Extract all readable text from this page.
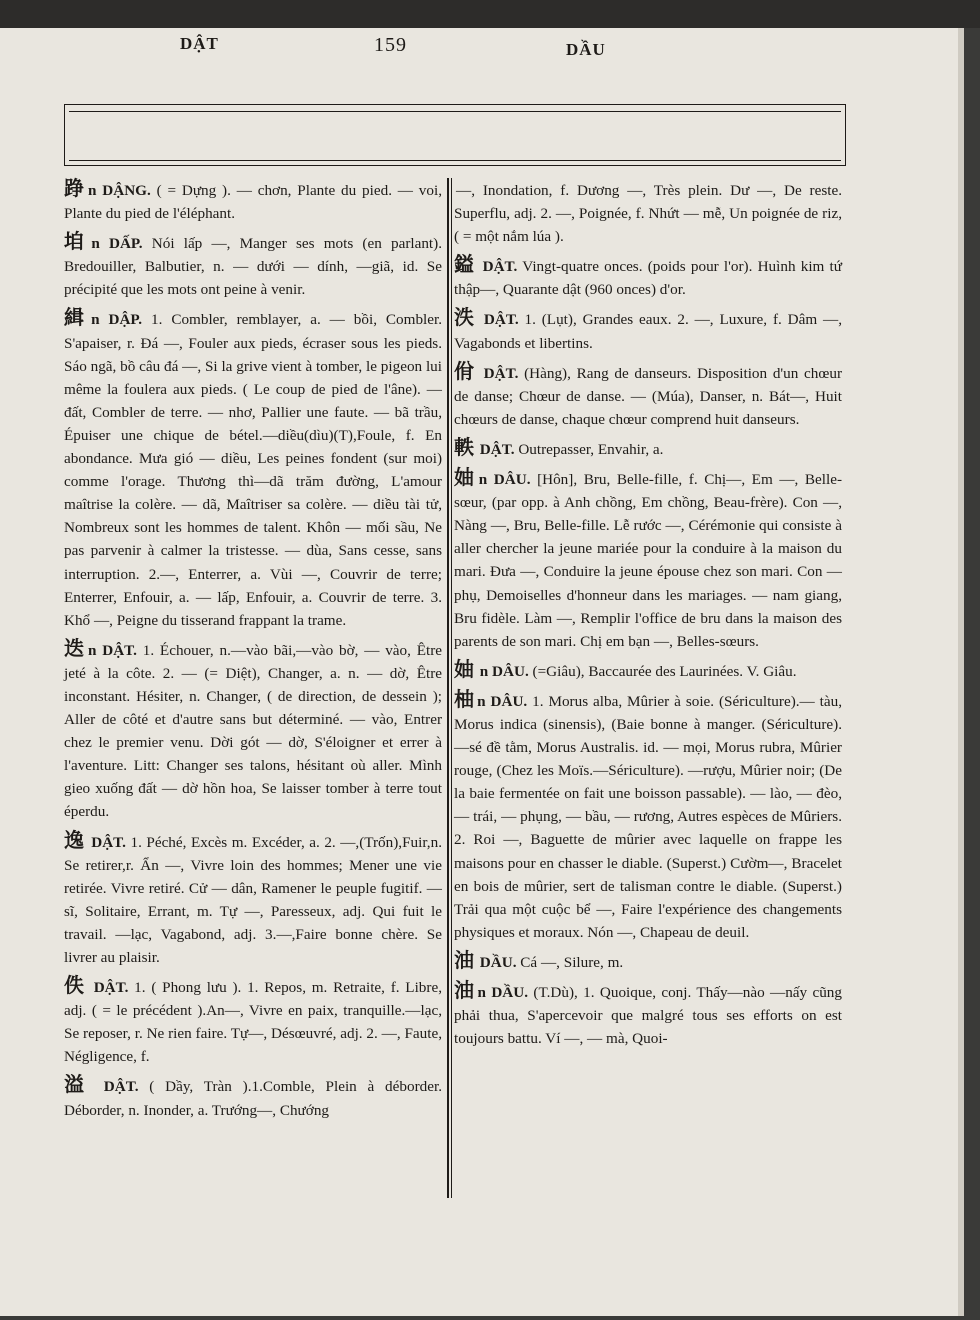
DẬT	159	DẦU
踭 n DẬNG. ( = Dựng ). — chơn, Plante du pied. — voi, Plante du pied de l'éléphant.
垍 n DẤP. Nói lấp —, Manger ses mots (en parlant). Bredouiller, Balbutier, n. — dưới — dính, —giã, id. Se précipité que les mots ont peine à venir.
緝 n DẬP. 1. Combler, remblayer, a. — bồi, Combler. S'apaiser, r. Đá —, Fouler aux pieds, écraser sous les pieds. Sáo ngã, bồ câu đá —, Si la grive vient à tomber, le pigeon lui même la foulera aux pieds. ( Le coup de pied de l'âne). — đất, Combler de terre. — nhơ, Pallier une faute. — bã trầu, Épuiser une chique de bétel.—diều(dìu)(T),Foule, f. En abondance. Mưa gió — diều, Les peines fondent (sur moi) comme l'orage. Thương thì—dã trăm đường, L'amour maîtrise la colère. — dã, Maîtriser sa colère. — diều tài tử, Nombreux sont les hommes de talent. Khôn — mối sầu, Ne pas parvenir à calmer la tristesse. — dùa, Sans cesse, sans interruption. 2.—, Enterrer, a. Vùi —, Couvrir de terre; Enterrer, Enfouir, a. — lấp, Enfouir, a. Couvrir de terre. 3. Khổ —, Peigne du tisserand frappant la trame.
迭 n DẬT. 1. Échouer, n.—vào bãi,—vào bờ, — vào, Être jeté à la côte. 2. — (= Diệt), Changer, a. n. — dờ, Être inconstant. Hésiter, n. Changer, ( de direction, de dessein ); Aller de côté et d'autre sans but déterminé. — vào, Entrer chez le premier venu. Dời gót — dờ, S'éloigner et errer à l'aventure. Litt: Changer ses talons, hésitant où aller. Mình gieo xuống đất — dờ hồn hoa, Se laisser tomber à terre tout éperdu.
逸 DẬT. 1. Péché, Excès m. Excéder, a. 2. —,(Trốn),Fuir,n. Se retirer,r. Ẩn —, Vivre loin des hommes; Mener une vie retirée. Vivre retiré. Cử — dân, Ramener le peuple fugitif. — sĩ, Solitaire, Errant, m. Tự —, Paresseux, adj. Qui fuit le travail. —lạc, Vagabond, adj. 3.—,Faire bonne chère. Se livrer au plaisir.
佚 DẬT. 1. ( Phong lưu ). 1. Repos, m. Retraite, f. Libre, adj. ( = le précédent ).An—, Vivre en paix, tranquille.—lạc, Se reposer, r. Ne rien faire. Tự—, Désœuvré, adj. 2. —, Faute, Négligence, f.
溢 DẬT. ( Dầy, Tràn ).1.Comble, Plein à déborder. Déborder, n. Inonder, a. Trướng—, Chướng
—, Inondation, f. Dương —, Très plein. Dư —, De reste. Superflu, adj. 2. —, Poignée, f. Nhứt — mễ, Un poignée de riz, ( = một nắm lúa ).
鎰 DẬT. Vingt-quatre onces. (poids pour l'or). Huình kim tứ thập—, Quarante dật (960 onces) d'or.
泆 DẬT. 1. (Lụt), Grandes eaux. 2. —, Luxure, f. Dâm —, Vagabonds et libertins.
佾 DẬT. (Hàng), Rang de danseurs. Disposition d'un chœur de danse; Chœur de danse. — (Múa), Danser, n. Bát—, Huit chœurs de danse, chaque chœur comprend huit danseurs.
軼 DẬT. Outrepasser, Envahir, a.
妯 n DÂU. [Hôn], Bru, Belle-fille, f. Chị—, Em —, Belle-sœur, (par opp. à Anh chồng, Em chồng, Beau-frère). Con —, Nàng —, Bru, Belle-fille. Lễ rước —, Cérémonie qui consiste à aller chercher la jeune mariée pour la conduire à la maison du mari. Đưa —, Conduire la jeune épouse chez son mari. Con — phụ, Demoiselles d'honneur dans les mariages. — nam giang, Bru fidèle. Làm —, Remplir l'office de bru dans la maison des parents de son mari. Chị em bạn —, Belles-sœurs.
妯 n DÂU. (=Giâu), Baccaurée des Laurinées. V. Giâu.
柚 n DÂU. 1. Morus alba, Mûrier à soie. (Sériculture).— tàu, Morus indica (sinensis), (Baie bonne à manger. (Sériculture). —sé đề tằm, Morus Australis. id. — mọi, Morus rubra, Mûrier rouge, (Chez les Moïs.—Sériculture). —rượu, Mûrier noir; (De la baie fermentée on fait une boisson passable). — lào, — đèo, — trái, — phụng, — bầu, — rương, Autres espèces de Mûriers. 2. Roi —, Baguette de mûrier avec laquelle on frappe les maisons pour en chasser le diable. (Superst.) Cườm—, Bracelet en bois de mûrier, sert de talisman contre le diable. (Superst.) Trải qua một cuộc bể —, Faire l'expérience des changements physiques et moraux. Nón —, Chapeau de deuil.
油 DẦU. Cá —, Silure, m.
油 n DẦU. (T.Dù), 1. Quoique, conj. Thấy—nào —nấy cũng phải thua, S'apercevoir que malgré tous ses efforts on est toujours battu. Ví —, — mà, Quoi-
